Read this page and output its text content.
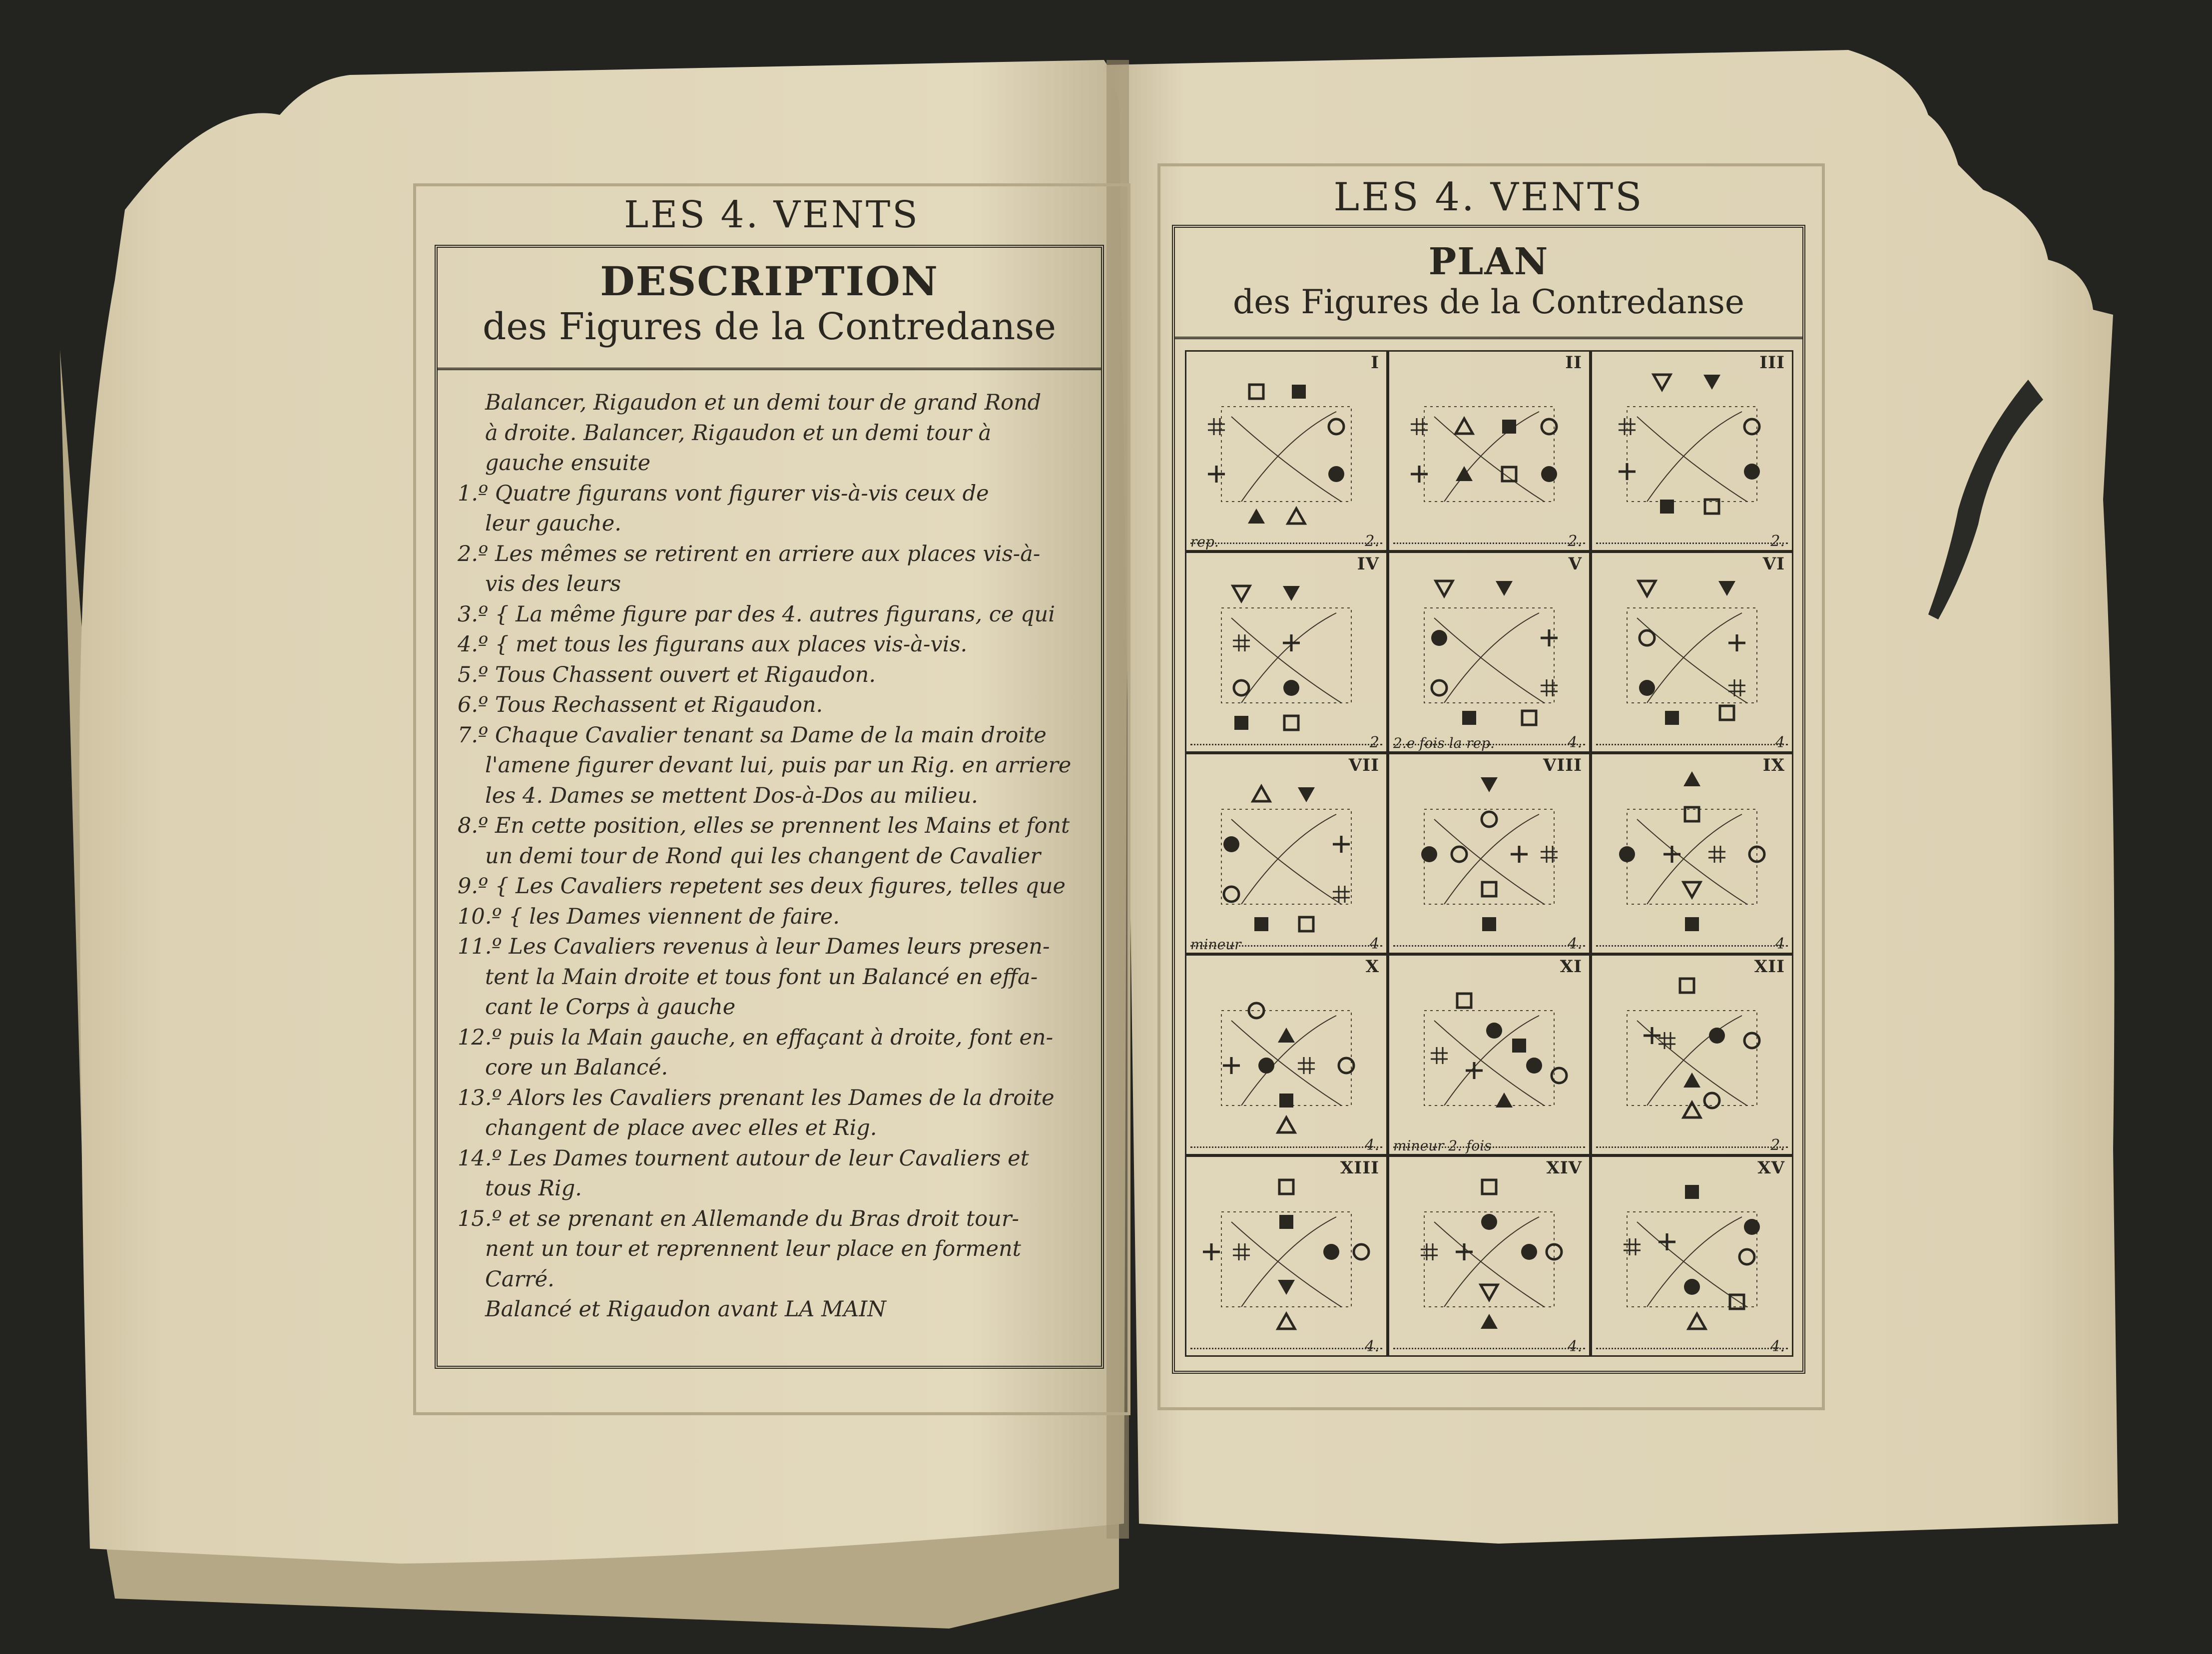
LES 4. VENTS
DESCRIPTION
des Figures de la Contredanse
Balancer, Rigaudon et un demi tour de grand Rond
à droite. Balancer, Rigaudon et un demi tour à
gauche ensuite
1.º Quatre figurans vont figurer vis-à-vis ceux de
leur gauche.
2.º Les mêmes se retirent en arriere aux places vis-à-
vis des leurs
3.º { La même figure par des 4. autres figurans, ce qui
4.º { met tous les figurans aux places vis-à-vis.
5.º Tous Chassent ouvert et Rigaudon.
6.º Tous Rechassent et Rigaudon.
7.º Chaque Cavalier tenant sa Dame de la main droite
l'amene figurer devant lui, puis par un Rig. en arriere
les 4. Dames se mettent Dos-à-Dos au milieu.
8.º En cette position, elles se prennent les Mains et font
un demi tour de Rond qui les changent de Cavalier
9.º { Les Cavaliers repetent ses deux figures, telles que
10.º { les Dames viennent de faire.
11.º Les Cavaliers revenus à leur Dames leurs presen-
tent la Main droite et tous font un Balancé en effa-
cant le Corps à gauche
12.º puis la Main gauche, en effaçant à droite, font en-
core un Balancé.
13.º Alors les Cavaliers prenant les Dames de la droite
changent de place avec elles et Rig.
14.º Les Dames tournent autour de leur Cavaliers et
tous Rig.
15.º et se prenant en Allemande du Bras droit tour-
nent un tour et reprennent leur place en forment
Carré.
Balancé et Rigaudon avant LA MAIN
LES 4. VENTS
PLAN
des Figures de la Contredanse
I
rep.	2.
II
2.
III
2.
IV
2
V
2.e fois la rep.	4.
VI
4
VII
mineur	4
VIII
4.
IX
4
X
4.
XI
mineur 2. fois
XII
2.
XIII
4.
XIV
4.
XV
4.
